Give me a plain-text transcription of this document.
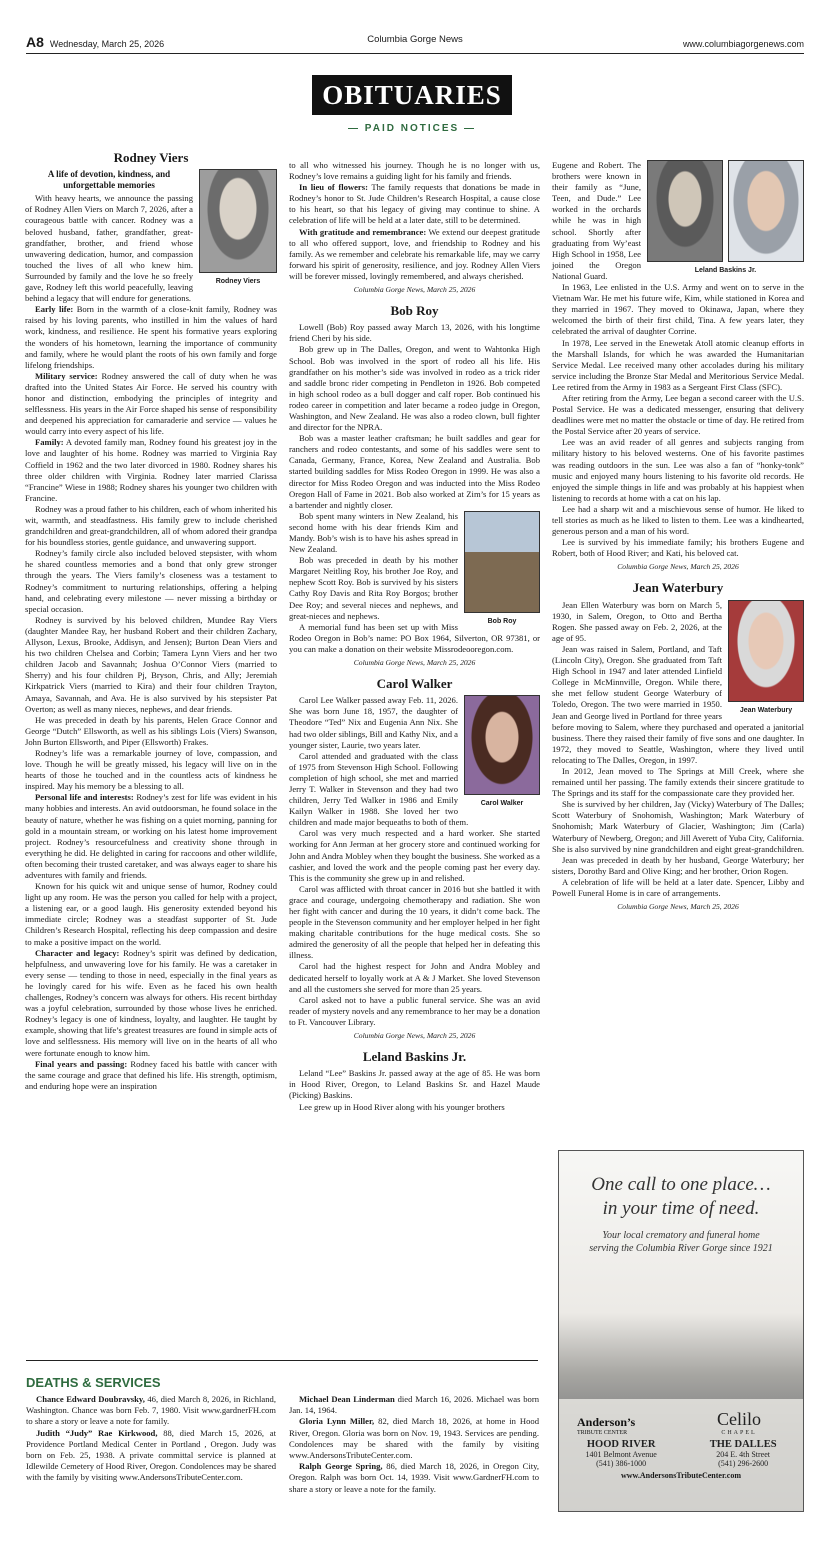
A8 Wednesday, March 25, 2026	Columbia Gorge News	www.columbiagorgenews.com
OBITUARIES
— PAID NOTICES —
Rodney Viers
Rodney Viers
A life of devotion, kindness, and unforgettable memories

With heavy hearts, we announce the passing of Rodney Allen Viers on March 7, 2026, after a courageous battle with cancer. Rodney was a beloved husband, father, grandfather, great-grandfather, brother, and friend whose unwavering dedication, humor, and compassion touched the lives of all who knew him. Surrounded by family and the love he so freely gave, Rodney left this world peacefully, leaving behind a legacy that will endure for generations.

Early life: Born in the warmth of a close-knit family, Rodney was raised by his loving parents, who instilled in him the values of hard work, kindness, and resilience. He spent his formative years exploring the wonders of his hometown, learning the importance of community and family, where he would plant the roots of his own family and forge lifelong friendships.

Military service: Rodney answered the call of duty when he was drafted into the United States Air Force. He served his country with honor and distinction, embodying the principles of integrity and selflessness. His years in the Air Force shaped his sense of responsibility and deepened his appreciation for camaraderie and service — values he would carry into every aspect of his life.

Family: A devoted family man, Rodney found his greatest joy in the love and laughter of his home. Rodney was married to Virginia Ray Coffield in 1962 and the two later divorced in 1980. Rodney shares his three older children with Virginia. Rodney later married Clarissa “Francine” Wiese in 1988; Rodney shares his younger two children with Francine.

Rodney was a proud father to his children, each of whom inherited his wit, warmth, and steadfastness. His family grew to include cherished grandchildren and great-grandchildren, all of whom adored their grandpa for his boundless stories, gentle guidance, and unwavering support.

Rodney’s family circle also included beloved stepsister, with whom he shared countless memories and a bond that only grew stronger through the years. The Viers family’s closeness was a testament to Rodney’s commitment to nurturing relationships, offering a helping hand, and celebrating every milestone — never missing a birthday or special occasion.

Rodney is survived by his beloved children, Mundee Ray Viers (daughter Mandee Ray, her husband Robert and their children Zachary, Allyson, Lexus, Brooke, Addisyn, and Jensen); Burton Dean Viers and his two children Chelsea and Corbin; Tamera Lynn Viers and her two children Jacob and Savannah; Joshua O’Connor Viers (married to Sherry) and his four children Pj, Bryson, Chris, and Ally; Jeremiah Kirkpatrick Viers (married to Kira) and their four children Trayton, Amaya, Savannah, and Ava. He is also survived by his stepsister Pat Overton; as well as many nieces, nephews, and dear friends.

He was preceded in death by his parents, Helen Grace Connor and George “Dutch” Ellsworth, as well as his siblings Lois (Viers) Swanson, John Burton Ellsworth, and Piper (Ellsworth) Frakes.

Rodney’s life was a remarkable journey of love, compassion, and love. Though he will be greatly missed, his legacy will live on in the hearts of those he touched and in the countless acts of kindness he inspired. May his memory be a blessing to all.

Personal life and interests: Rodney’s zest for life was evident in his many hobbies and interests. An avid outdoorsman, he found solace in the beauty of nature, whether he was fishing on a quiet morning, panning for gold in a mountain stream, or working on his latest home improvement project. Rodney’s resourcefulness and creativity shone through in everything he did. He delighted in caring for raccoons and other wildlife, often becoming their trusted caretaker, and was always eager to share his adventures with family and friends.

Known for his quick wit and unique sense of humor, Rodney could light up any room. He was the person you called for help with a project, a listening ear, or a good laugh. His generosity extended beyond his immediate circle; Rodney was a steadfast supporter of St. Jude Children’s Research Hospital, reflecting his deep compassion and desire to make a positive impact on the world.

Character and legacy: Rodney’s spirit was defined by dedication, helpfulness, and unwavering love for his family. He was a caretaker in every sense — tending to those in need, especially in the final years as he lovingly cared for his wife. Even as he faced his own health challenges, Rodney’s concern was always for others. His recent birthday was a joyful celebration, surrounded by those whose lives he enriched. Rodney’s legacy is one of kindness, loyalty, and laughter. He taught by example, showing that life’s greatest treasures are found in simple acts of love and selflessness. His memory will live on in the hearts of all who were fortunate enough to know him.

Final years and passing: Rodney faced his battle with cancer with the same courage and grace that defined his life. His strength, optimism, and enduring hope were an inspiration

to all who witnessed his journey. Though he is no longer with us, Rodney’s love remains a guiding light for his family and friends.

In lieu of flowers: The family requests that donations be made in Rodney’s honor to St. Jude Children’s Research Hospital, a cause close to his heart, so that his legacy of giving may continue to shine. A celebration of life will be held at a later date, still to be determined.

With gratitude and remembrance: We extend our deepest gratitude to all who offered support, love, and friendship to Rodney and his family. As we remember and celebrate his remarkable life, may we carry forward his spirit of generosity, resilience, and joy. Rodney Allen Viers will be forever missed, lovingly remembered, and always cherished.

Columbia Gorge News, March 25, 2026

Bob Roy

Lowell (Bob) Roy passed away March 13, 2026, with his longtime friend Cheri by his side.

Bob grew up in The Dalles, Oregon, and went to Wahtonka High School. Bob was involved in the sport of rodeo all his life. His grandfather on his mother’s side was involved in rodeo as a trick rider and saddle bronc rider competing in Pendleton in 1926. Bob competed in high school rodeo as a bull dogger and calf roper. Bob continued his rodeo career in competition and later became a rodeo judge in Oregon, Washington, and New Zealand. He was also a rodeo clown, bull fighter and director for the NPRA.

Bob was a master leather craftsman; he built saddles and gear for ranchers and rodeo contestants, and some of his saddles were sent to Canada, Germany, France, Korea, New Zealand and Australia. Bob started building saddles for Miss Rodeo Oregon in 1999. He was also a director for Miss Rodeo Oregon and was inducted into the Miss Rodeo Oregon Hall of Fame in 2021. Bob also worked at Zim’s for 15 years as a bartender and nightly closer.

Bob Roy

Bob spent many winters in New Zealand, his second home with his dear friends Kim and Mandy. Bob’s wish is to have his ashes spread in New Zealand.

Bob was preceded in death by his mother Margaret Neitling Roy, his brother Joe Roy, and nephew Scott Roy. Bob is survived by his sisters Cathy Roy Davis and Rita Roy Borgos; brother Dee Roy; and several nieces and nephews, and great-nieces and nephews.

A memorial fund has been set up with Miss Rodeo Oregon in Bob’s name: PO Box 1964, Silverton, OR 97381, or you can make a donation on their website Missrodeooregon.com.

Columbia Gorge News, March 25, 2026

Carol Walker
Carol Walker

Carol Lee Walker passed away Feb. 11, 2026. She was born June 18, 1957, the daughter of Theodore “Ted” Nix and Eugenia Ann Nix. She had two older siblings, Bill and Kathy Nix, and a younger sister, Laurie, two years later.

Carol attended and graduated with the class of 1975 from Stevenson High School. Following completion of high school, she met and married Jerry T. Walker in Stevenson and they had two children, Jerry Ted Walker in 1986 and Emily Kailyn Walker in 1988. She loved her two children and made major bequeaths to both of them.

Carol was very much respected and a hard worker. She started working for Ann Jerman at her grocery store and continued working for John and Andra Mobley when they bought the business. She worked as a cashier, and loved the work and the people coming past her every day. This is the community she grew up in and relished.

Carol was afflicted with throat cancer in 2016 but she battled it with grace and courage, undergoing chemotherapy and radiation. She won her fight with cancer and during the 10 years, it didn’t come back. The people in the Stevenson community and her employer helped in her fight making charitable contributions for the huge medical costs. She so admired the generosity of all the people that helped her in defeating this illness.

Carol had the highest respect for John and Andra Mobley and dedicated herself to loyally work at A & J Market. She loved Stevenson and all the customers she served for more than 25 years.

Carol asked not to have a public funeral service. She was an avid reader of mystery novels and any remembrance to her may be a donation to Ft. Vancouver Library.

Columbia Gorge News, March 25, 2026

Leland Baskins Jr.

Leland “Lee” Baskins Jr. passed away at the age of 85. He was born in Hood River, Oregon, to Leland Baskins Sr. and Hazel Maude (Picking) Baskins.

Lee grew up in Hood River along with his younger brothers

Leland Baskins Jr.

Eugene and Robert. The brothers were known in their family as “June, Teen, and Dude.” Lee worked in the orchards while he was in high school. Shortly after graduating from Wy’east High School in 1958, Lee joined the Oregon National Guard.

In 1963, Lee enlisted in the U.S. Army and went on to serve in the Vietnam War. He met his future wife, Kim, while stationed in Korea and they married in 1967. They moved to Okinawa, Japan, where they welcomed the birth of their first child, Tina. A few years later, they celebrated the arrival of daughter Corrine.

In 1978, Lee served in the Enewetak Atoll atomic cleanup efforts in the Marshall Islands, for which he was awarded the Humanitarian Service Medal. Lee received many other accolades during his military service including the Bronze Star Medal and Meritorious Service Medal. Lee retired from the Army in 1983 as a Sergeant First Class (SFC).

After retiring from the Army, Lee began a second career with the U.S. Postal Service. He was a dedicated messenger, ensuring that delivery deadlines were met no matter the obstacle or time of day. He retired from the Postal Service after 20 years of service.

Lee was an avid reader of all genres and subjects ranging from military history to his beloved westerns. One of his favorite pastimes was reading outdoors in the sun. Lee was also a fan of “honky-tonk” music and enjoyed many hours listening to his favorite old records. He enjoyed the simple things in life and was probably at his happiest when listening to records at home with a cat on his lap.

Lee had a sharp wit and a mischievous sense of humor. He liked to tell stories as much as he liked to listen to them. Lee was a kindhearted, generous person and a man of his word.

Lee is survived by his immediate family; his brothers Eugene and Robert, both of Hood River; and Kati, his beloved cat.

Columbia Gorge News, March 25, 2026

Jean Waterbury
Jean Waterbury

Jean Ellen Waterbury was born on March 5, 1930, in Salem, Oregon, to Otto and Bertha Rogen. She passed away on Feb. 2, 2026, at the age of 95.

Jean was raised in Salem, Portland, and Taft (Lincoln City), Oregon. She graduated from Taft High School in 1947 and later attended Linfield College in McMinnville, Oregon. While there, she met fellow student George Waterbury of Toledo, Oregon. The two were married in 1950. Jean and George lived in Portland for three years before moving to Salem, where they purchased and operated a janitorial business. There they raised their family of five sons and one daughter. In 1972, they moved to Seattle, Washington, where they lived until relocating to The Dalles, Oregon, in 1997.

In 2012, Jean moved to The Springs at Mill Creek, where she remained until her passing. The family extends their sincere gratitude to The Springs and its staff for the compassionate care they provided her.

She is survived by her children, Jay (Vicky) Waterbury of The Dalles; Scott Waterbury of Snohomish, Washington; Mark Waterbury of Snohomish; Mark Waterbury of Glacier, Washington; Jim (Carla) Waterbury of Newberg, Oregon; and Jill Averett of Yuba City, California. She is also survived by nine grandchildren and eight great-grandchildren.

Jean was preceded in death by her husband, George Waterbury; her sisters, Dorothy Bard and Olive King; and her brother, Orion Rogen.

A celebration of life will be held at a later date. Spencer, Libby and Powell Funeral Home is in care of arrangements.

Columbia Gorge News, March 25, 2026

DEATHS & SERVICES

Chance Edward Doubravsky, 46, died March 8, 2026, in Richland, Washington. Chance was born Feb. 7, 1980. Visit www.gardnerFH.com to share a story or leave a note for family.

Judith “Judy” Rae Kirkwood, 88, died March 15, 2026, at Providence Portland Medical Center in Portland , Oregon. Judy was born on Feb. 25, 1938. A private committal service is planned at Idlewilde Cemetery of Hood River, Oregon. Condolences may be shared with the family by visiting www.AndersonsTributeCenter.com.

Michael Dean Linderman died March 16, 2026. Michael was born Jan. 14, 1964.

Gloria Lynn Miller, 82, died March 18, 2026, at home in Hood River, Oregon. Gloria was born on Nov. 19, 1943. Services are pending. Condolences may be shared with the family by visiting www.AndersonsTributeCenter.com.

Ralph George Spring, 86, died March 18, 2026, in Oregon City, Oregon. Ralph was born Oct. 14, 1939. Visit www.GardnerFH.com to share a story or leave a note for the family.

One call to one place…
in your time of need.
Your local crematory and funeral home
serving the Columbia River Gorge since 1921
Anderson’s
TRIBUTE CENTER
Celilo
CHAPEL
HOOD RIVER
1401 Belmont Avenue
(541) 386-1000
THE DALLES
204 E. 4th Street
(541) 296-2600
www.AndersonsTributeCenter.com
